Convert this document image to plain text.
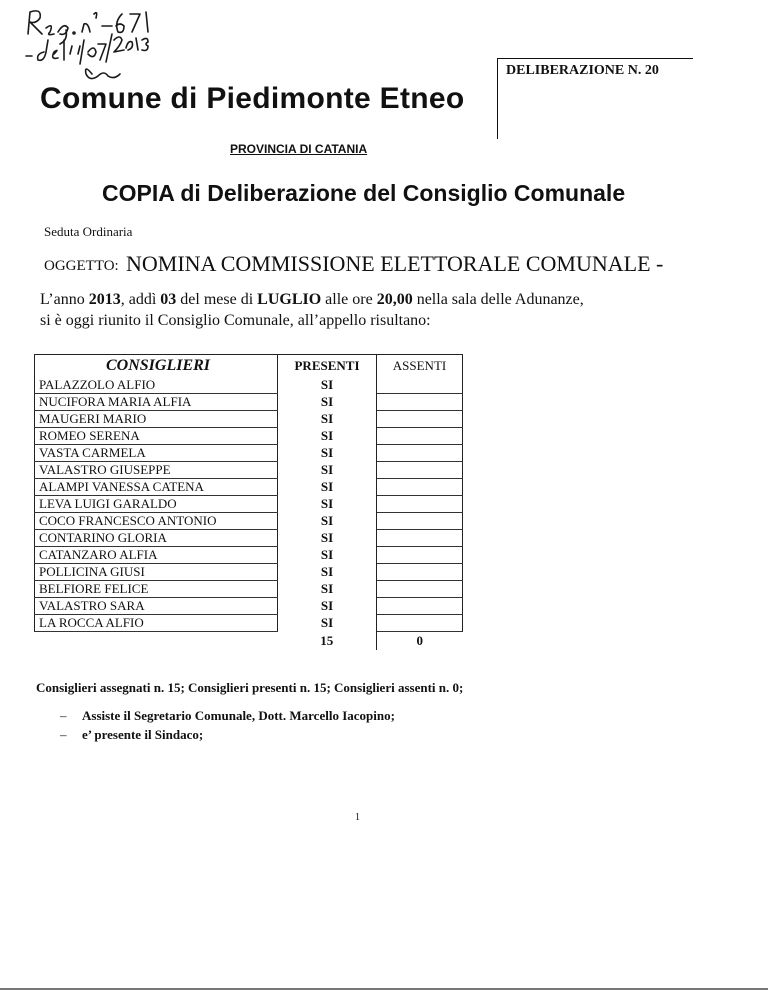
DELIBERAZIONE N. 20
Comune di Piedimonte Etneo
PROVINCIA DI CATANIA
COPIA di Deliberazione del Consiglio Comunale
Seduta Ordinaria
OGGETTO: NOMINA COMMISSIONE ELETTORALE COMUNALE -
L’anno 2013, addì 03 del mese di LUGLIO alle ore 20,00 nella sala delle Adunanze,
si è oggi riunito il Consiglio Comunale, all’appello risultano:
CONSIGLIERI	PRESENTI	ASSENTI
PALAZZOLO ALFIO	SI	
NUCIFORA MARIA ALFIA	SI	
MAUGERI MARIO	SI	
ROMEO SERENA	SI	
VASTA CARMELA	SI	
VALASTRO GIUSEPPE	SI	
ALAMPI VANESSA CATENA	SI	
LEVA LUIGI GARALDO	SI	
COCO FRANCESCO ANTONIO	SI	
CONTARINO GLORIA	SI	
CATANZARO ALFIA	SI	
POLLICINA GIUSI	SI	
BELFIORE FELICE	SI	
VALASTRO SARA	SI	
LA ROCCA ALFIO	SI	
	15	0
Consiglieri assegnati n. 15; Consiglieri presenti n. 15; Consiglieri assenti n. 0;
– Assiste il Segretario Comunale, Dott. Marcello Iacopino;
– e’ presente il Sindaco;
1
